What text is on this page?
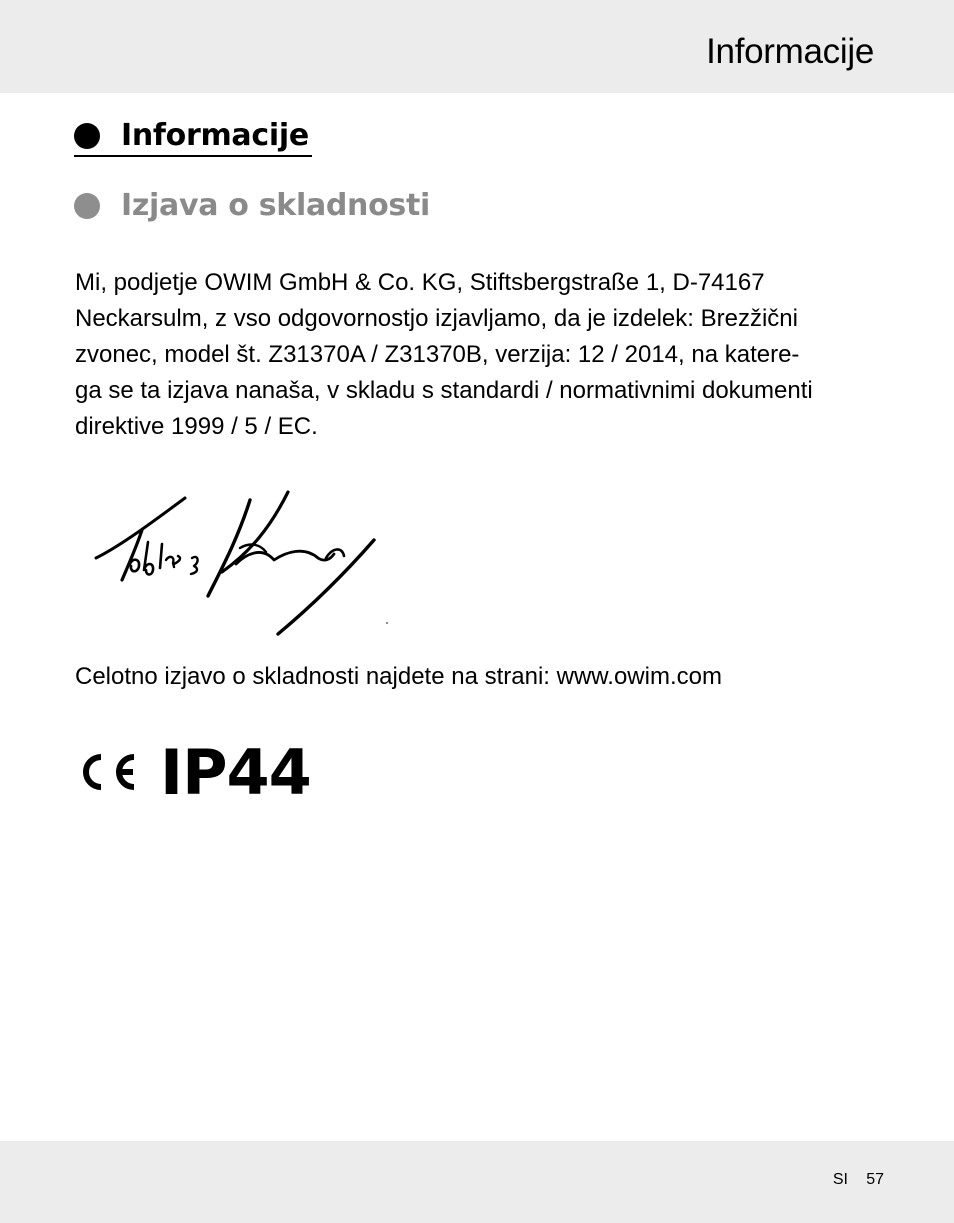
Informacije
Informacije
Izjava o skladnosti
Mi, podjetje OWIM GmbH & Co. KG, Stiftsbergstraße 1, D-74167
Neckarsulm, z vso odgovornostjo izjavljamo, da je izdelek: Brezžični
zvonec, model št. Z31370A / Z31370B, verzija: 12 / 2014, na katere-
ga se ta izjava nanaša, v skladu s standardi / normativnimi dokumenti
direktive 1999 / 5 / EC.
Celotno izjavo o skladnosti najdete na strani: www.owim.com
IP44
SI 57
